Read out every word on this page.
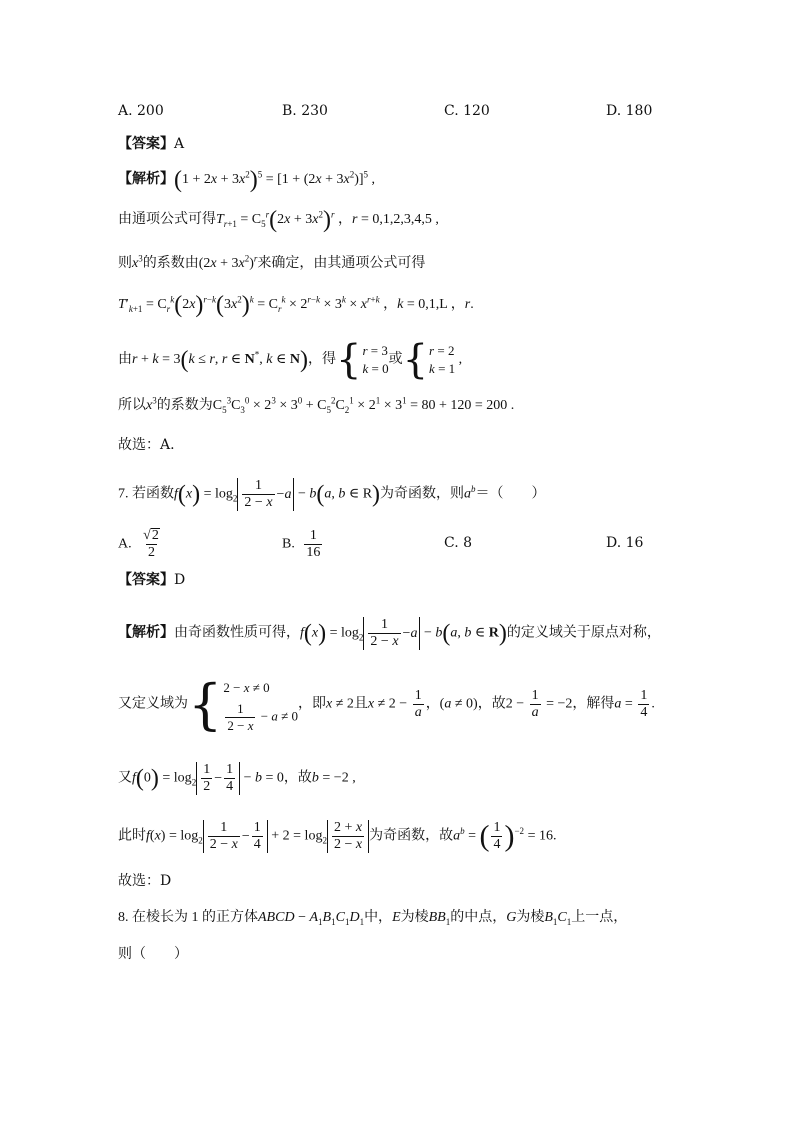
A. 200	B. 230	C. 120	D. 180
【答案】A
【解析】$(1 + 2x + 3x^2)^5 = [1 + (2x + 3x^2)]^5$ ,
由通项公式可得$T_{r+1} = C_5^r(2x + 3x^2)^r$ ，r = 0,1,2,3,4,5 ,
则$x^3$的系数由$(2x + 3x^2)^r$来确定，由其通项公式可得
$T'_{k+1} = C_r^k(2x)^{r-k}(3x^2)^k = C_r^k \times 2^{r-k} \times 3^k \times x^{r+k}$ ，k = 0,1,L ，r.
由r + k = 3(k ≤ r, r ∈ N*, k ∈ N)，得 { r = 3
k = 0
或 { r = 2
k = 1
,
所以$x^3$的系数为$C_5^3C_3^0 \times 2^3 \times 3^0 + C_5^2C_2^1 \times 2^1 \times 3^1 = 80 + 120 = 200$ .
故选：A.
7. 若函数$f(x) = \log_2 \frac{1}{2 - x} - a - b(a$, b ∈ R)为奇函数，则$a^b=$（　　）
A. $\frac{√ 2}{2}$	B. $\frac{1}{16}$	C. 8	D. 16
【答案】D
【解析】由奇函数性质可得，$f(x) = \log_2 \frac{1}{2 - x} - a - b(a$, b ∈ R)的定义域关于原点对称，
又定义域为 { 2 − x ≠ 0
$\frac{1}{2 - x} - a \ne 0$
，即x ≠ 2且$x \ne 2 - \frac{1}{a}$ ，(a ≠ 0)，故$2 - \frac{1}{a} = -2$，解得$a = \frac{1}{4}$ .
又$f(0) = \log_2 \frac{1}{2} - \frac{1}{4} - b = 0$，故b = −2 ,
此时$f(x) = \log_2 \frac{1}{2 - x} - \frac{1}{4} + 2 = \log_2 \frac{2 + x}{2 - x}$ 为奇函数，故$a^b$ = ( $\frac{1}{4} )^{-2} = 16$.
故选：D
8. 在棱长为 1 的正方体ABCD − $A_1B_1C_1D_1$中，E为棱$BB_1$的中点，G为棱$B_1C_1$上一点，
则（　　）
